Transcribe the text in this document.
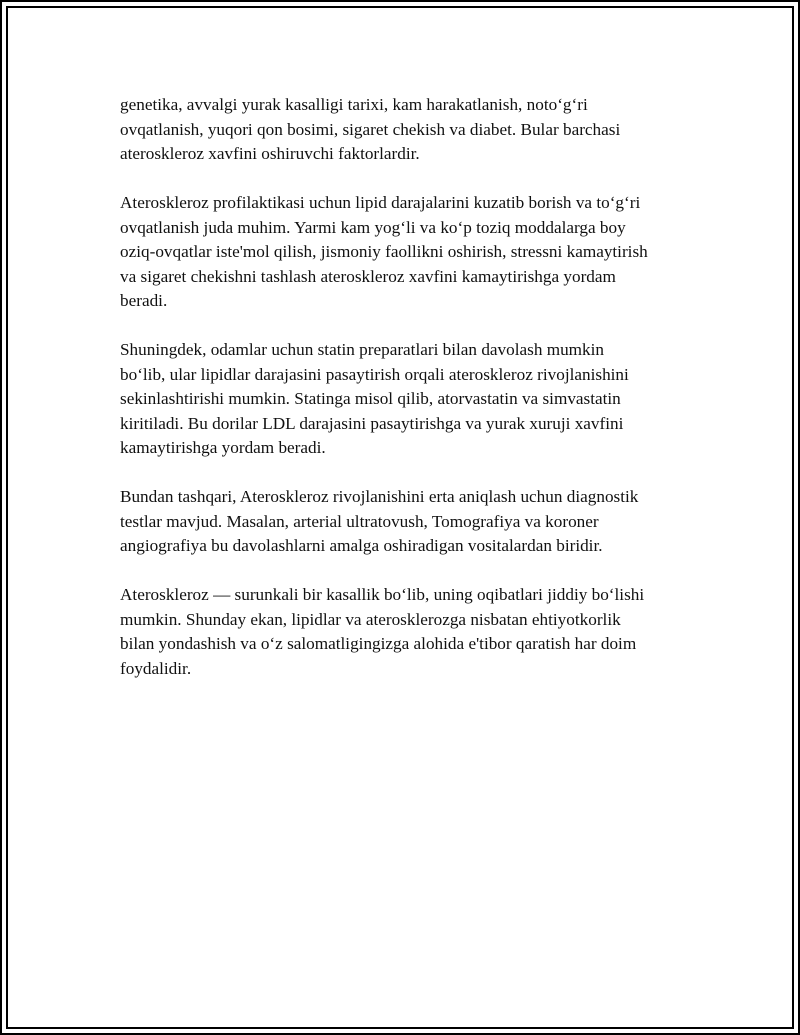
genetika, avvalgi yurak kasalligi tarixi, kam harakatlanish, noto‘g‘ri
ovqatlanish, yuqori qon bosimi, sigaret chekish va diabet. Bular barchasi
ateroskleroz xavfini oshiruvchi faktorlardir.

Ateroskleroz profilaktikasi uchun lipid darajalarini kuzatib borish va to‘g‘ri
ovqatlanish juda muhim. Yarmi kam yog‘li va ko‘p toziq moddalarga boy
oziq-ovqatlar iste'mol qilish, jismoniy faollikni oshirish, stressni kamaytirish
va sigaret chekishni tashlash ateroskleroz xavfini kamaytirishga yordam
beradi.

Shuningdek, odamlar uchun statin preparatlari bilan davolash mumkin
bo‘lib, ular lipidlar darajasini pasaytirish orqali ateroskleroz rivojlanishini
sekinlashtirishi mumkin. Statinga misol qilib, atorvastatin va simvastatin
kiritiladi. Bu dorilar LDL darajasini pasaytirishga va yurak xuruji xavfini
kamaytirishga yordam beradi.

Bundan tashqari, Ateroskleroz rivojlanishini erta aniqlash uchun diagnostik
testlar mavjud. Masalan, arterial ultratovush, Tomografiya va koroner
angiografiya bu davolashlarni amalga oshiradigan vositalardan biridir.

Ateroskleroz — surunkali bir kasallik bo‘lib, uning oqibatlari jiddiy bo‘lishi
mumkin. Shunday ekan, lipidlar va aterosklerozga nisbatan ehtiyotkorlik
bilan yondashish va o‘z salomatligingizga alohida e'tibor qaratish har doim
foydalidir.
